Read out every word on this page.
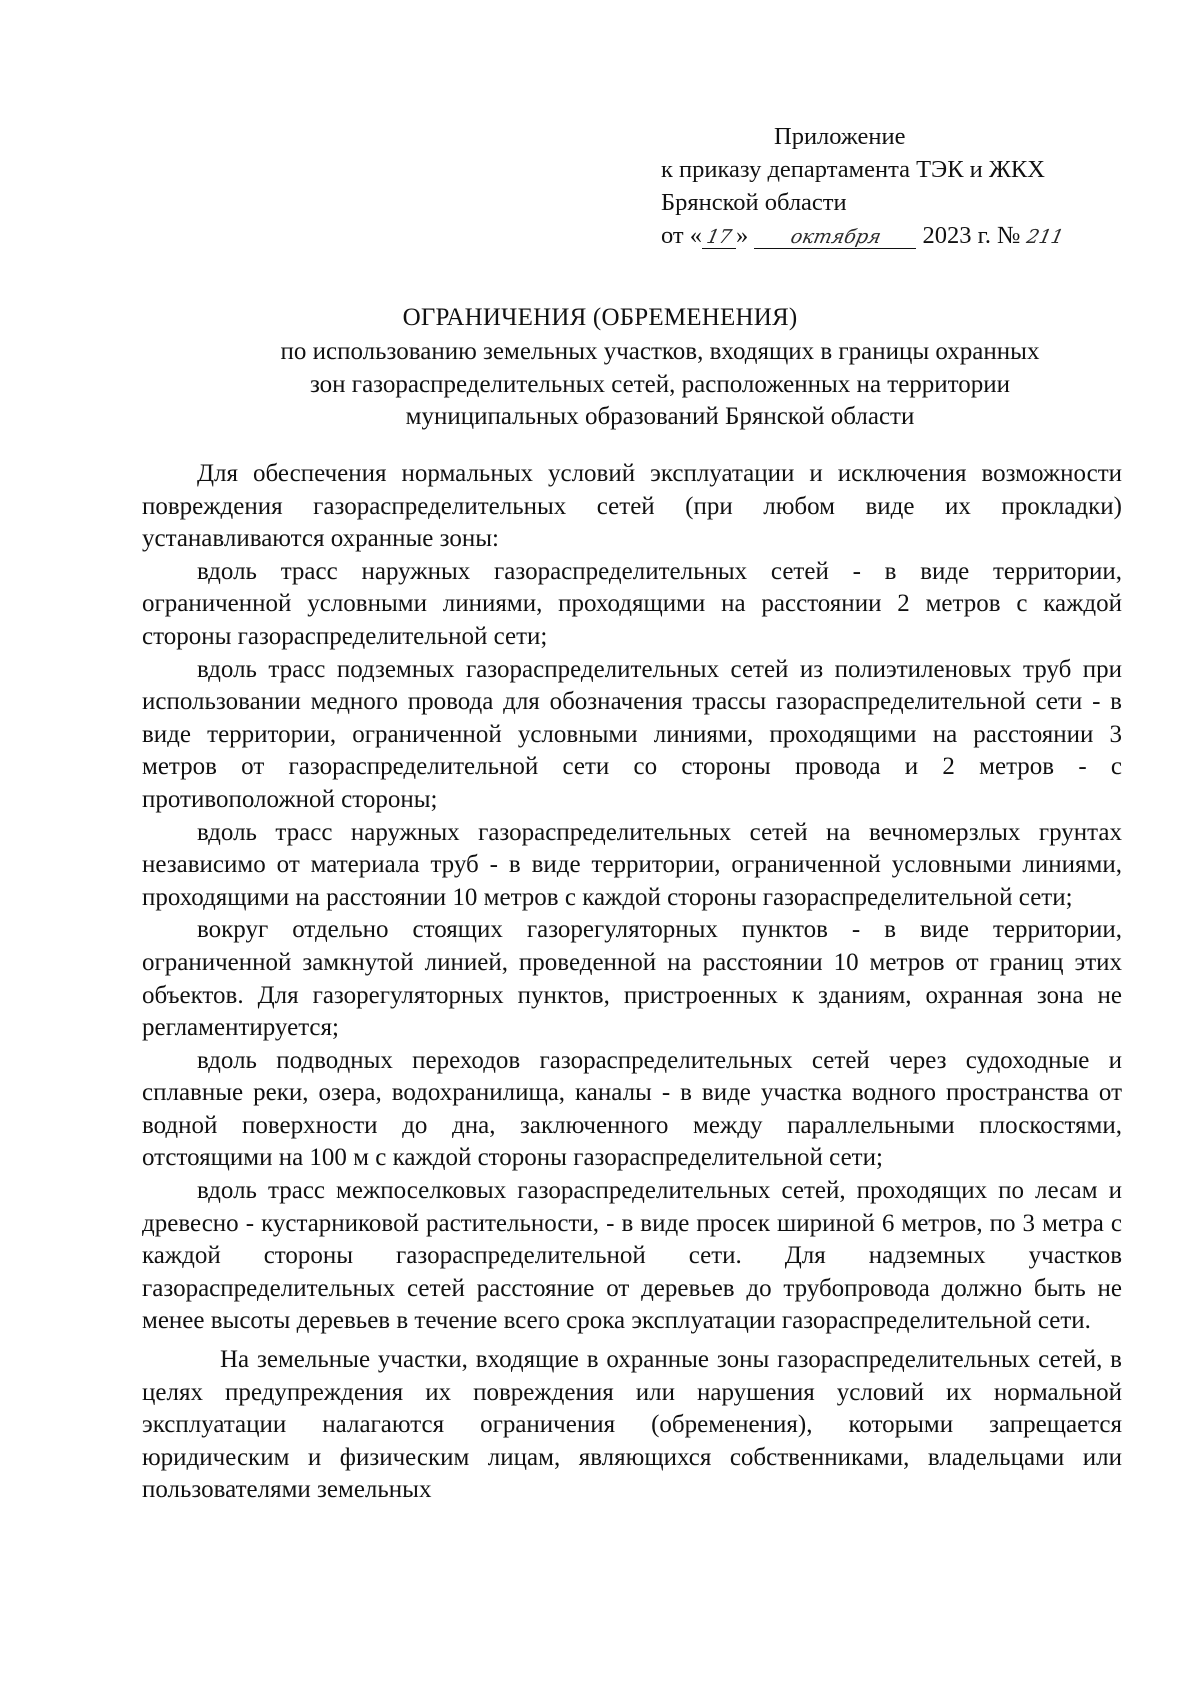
Приложение
к приказу департамента ТЭК и ЖКХ
Брянской области
от « 17 » октября 2023 г. № 211
ОГРАНИЧЕНИЯ (ОБРЕМЕНЕНИЯ)
по использованию земельных участков, входящих в границы охранных
зон газораспределительных сетей, расположенных на территории
муниципальных образований Брянской области

Для обеспечения нормальных условий эксплуатации и исключения возможности повреждения газораспределительных сетей (при любом виде их прокладки) устанавливаются охранные зоны:

вдоль трасс наружных газораспределительных сетей - в виде территории, ограниченной условными линиями, проходящими на расстоянии 2 метров с каждой стороны газораспределительной сети;

вдоль трасс подземных газораспределительных сетей из полиэтиленовых труб при использовании медного провода для обозначения трассы газораспределительной сети - в виде территории, ограниченной условными линиями, проходящими на расстоянии 3 метров от газораспределительной сети со стороны провода и 2 метров - с противоположной стороны;

вдоль трасс наружных газораспределительных сетей на вечномерзлых грунтах независимо от материала труб - в виде территории, ограниченной условными линиями, проходящими на расстоянии 10 метров с каждой стороны газораспределительной сети;

вокруг отдельно стоящих газорегуляторных пунктов - в виде территории, ограниченной замкнутой линией, проведенной на расстоянии 10 метров от границ этих объектов. Для газорегуляторных пунктов, пристроенных к зданиям, охранная зона не регламентируется;

вдоль подводных переходов газораспределительных сетей через судоходные и сплавные реки, озера, водохранилища, каналы - в виде участка водного пространства от водной поверхности до дна, заключенного между параллельными плоскостями, отстоящими на 100 м с каждой стороны газораспределительной сети;

вдоль трасс межпоселковых газораспределительных сетей, проходящих по лесам и древесно - кустарниковой растительности, - в виде просек шириной 6 метров, по 3 метра с каждой стороны газораспределительной сети. Для надземных участков газораспределительных сетей расстояние от деревьев до трубопровода должно быть не менее высоты деревьев в течение всего срока эксплуатации газораспределительной сети.

На земельные участки, входящие в охранные зоны газораспределительных сетей, в целях предупреждения их повреждения или нарушения условий их нормальной эксплуатации налагаются ограничения (обременения), которыми запрещается юридическим и физическим лицам, являющихся собственниками, владельцами или пользователями земельных
